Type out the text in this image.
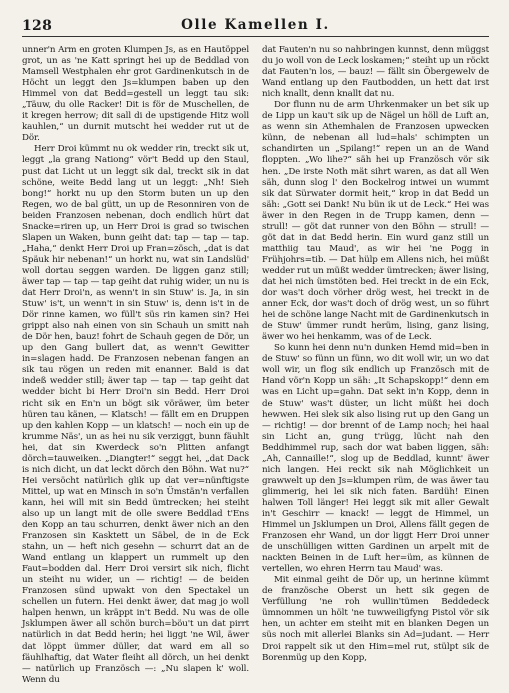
128	Olle Kamellen I.

unner'n Arm en groten Klumpen Js, as en Hautöppel grot, un as 'ne Katt springt hei up de Beddlad von Mamsell Westphalen ehr grot Gardinenkutsch in de Höcht un leggt den Js=klumpen baben up den Himmel von dat Bedd=gestell un leggt tau sik: „Täuw, du olle Racker! Dit is för de Muschellen, de it kregen herrow; dit sall di de upstigende Hitz woll kauhlen,“ un durnit mutscht hei wedder rut ut de Dör.

Herr Droi kümmt nu ok wedder rin, treckt sik ut, leggt „la grang Nationg“ vör't Bedd up den Staul, pust dat Licht ut un leggt sik dal, treckt sik in dat schöne, weite Bedd lang ut un leggt: „Nh! Sieh bong!“ horkt nu up den Storm buten un up den Regen, wo de bal gütt, un up de Resonniren von de beiden Franzosen nebenan, doch endlich hürt dat Snacke=riren up, un Herr Droi is grad so twischen Slapen un Waken, bunn geiht dat: tap — tap — tap. „Haha,“ denkt Herr Droi up Fran=zösch, „dat is dat Späuk hir nebenan!“ un horkt nu, wat sin Landslüd' woll dortau seggen warden. De liggen ganz still; äwer tap — tap — tap geiht dat ruhig wider, un nu is dat Herr Droi'n, as wenn't in sin Stuw' is. Ja, in sin Stuw' is't, un wenn't in sin Stuw' is, denn is't in de Dör rinne kamen, wo füll't süs rin kamen sin? Hei grippt also nah einen von sin Schauh un smitt nah de Dör hen, bauz! fohrt de Schauh gegen de Dör, un up den Gang bullert dat, as wenn't Gewitter in=slagen hadd. De Franzosen nebenan fangen an sik tau rögen un reden mit enanner. Bald is dat indeß wedder still; äwer tap — tap — tap geiht dat wedder bicht bi Herr Droi'n sin Bedd. Herr Droi richt sik en En'n un bögt sik vöräwer, üm beter hüren tau känen, — Klatsch! — fällt em en Druppen up den kahlen Kopp — un klatsch! — noch ein up de krumme Näs', un as hei nu sik verziggt, bunn fäuhlt hei, dat sin Kwerdeck so'n Plitten anfangt dörch=tauweiken. „Diangter!“ seggt hei, „dat Dack is nich dicht, un dat leckt dörch den Böhn. Wat nu?“ Hei versöcht natürlich glik up dat ver=nünftigste Mittel, up wat en Minsch in so'n Ümstän'n verfallen kann, hei will mit sin Bedd ümtrecken; hei steiht also up un langt mit de olle swere Beddlad t'Ens den Kopp an tau schurren, denkt äwer nich an den Franzosen sin Kasktett un Säbel, de in de Eck stahn, un — heft nich gesehn — schurrt dat an de Wand entlang un klappert un rummelt up den Faut=bodden dal. Herr Droi versirt sik nich, flicht un steiht nu wider, un — richtig! — de beiden Franzosen sünd upwakt von den Spectakel un schellen un futern. Hei denkt äwer, dat mag jo woll halpen henwn, un kräppt in't Bedd. Nu was de olle Jsklumpen äwer all schön burch=böu't un dat pirrt natürlich in dat Bedd herin; hei liggt 'ne Wil, äwer dat löppt ümmer düller, dat ward em all so fäuhlhaftig, dat Water fleiht all dörch, un hei denkt — natürlich up Französch —: „Nu slapen k' woll. Wenn du

dat Fauten'n nu so nahbringen kunnst, denn müggst du jo woll von de Leck loskamen;“ steiht up un röckt dat Fauten'n los, — bauz! — fällt sin Öbergewelv de Wand entlang up den Fautbodden, un hett dat irst nich knallt, denn knallt dat nu.

Dor flunn nu de arm Uhrkenmaker un bet sik up de Lipp un kau't sik up de Nägel un höll de Luft an, as wenn sin Athemhalen de Franzosen upwecken künn, de nebenan all lud=hals' schimpten un schandirten un „Spilang!“ repen un an de Wand floppten. „Wo lihe?“ säh hei up Französch vör sik hen. „De irste Noth mät sihrt waren, as dat all Wen säh, dunn slog l' den Bockelrog intwei un wummt sik dat Sürwater dormit heit,“ krop in dat Bedd un säh: „Gott sei Dank! Nu bün ik ut de Leck.“ Hei was äwer in den Regen in de Trupp kamen, denn — strull! — göt dat runner von den Böhn — strull! — göt dat in dat Bedd herin. Ein wurd ganz still un matthiig tau Maud', as wir hei 'ne Pogg in Frühjohrs=tib. — Dat hülp em Allens nich, hei müßt wedder rut un müßt wedder ümtrecken; äwer lising, dat hei nich ümstöten bed. Hei treckt in de ein Eck, dor was't doch vörher drög west, hei treckt in de anner Eck, dor was't doch of drög west, un so führt hei de schöne lange Nacht mit de Gardinenkutsch in de Stuw' ümmer rundt herüm, lising, ganz lising, äwer wo hei henkamm, was of de Leck.

So kunn hei denn nu'n dunken Hemd mid=ben in de Stuw' so fünn un fünn, wo dit woll wir, un wo dat woll wir, un flog sik endlich up Französch mit de Hand vör'n Kopp un säh: „It Schapskopp!“ denn em was en Licht up=gahn. Dat sekt in'n Kopp, denn in de Stuw' was't düster, un licht müßt hei doch hewwen. Hei slek sik also lising rut up den Gang un — richtig! — dor brennt of de Lamp noch; hei haal sin Licht an, gung t'rügg, lücht nah den Beddhimmel rup, sach dor wat baben liggen, säh: „Ah, Cannaille!“, slog up de Beddlad, kunnt' äwer nich langen. Hei reckt sik nah Möglichkeit un grawwelt up den Js=klumpen rüm, de was äwer tau glimmerig, hei lei sik nich faten. Bardüh! Einen halwen Toll länger! Hei leggt sik mit aller Gewalt in't Geschirr — knack! — leggt de Himmel, un Himmel un Jsklumpen un Droi, Allens fällt gegen de Franzosen ehr Wand, un dor liggt Herr Droi unner de unschülligen witten Gardinen un arpelt mit de nackten Beinen in de Luft her=üm, as künnen de vertellen, wo ehren Herrn tau Maud' was.

Mit einmal geiht de Dör up, un herinne kümmt de französche Oberst un hett sik gegen de Verfüllung 'ne roh wullin'tümen Beddedeck ümnommen un hölt 'ne tuwweiligfyng Pistol vör sik hen, un achter em steiht mit en blanken Degen un süs noch mit allerlei Blanks sin Ad=judant. — Herr Droi rappelt sik ut den Him=mel rut, stülpt sik de Borenmüg up den Kopp,
